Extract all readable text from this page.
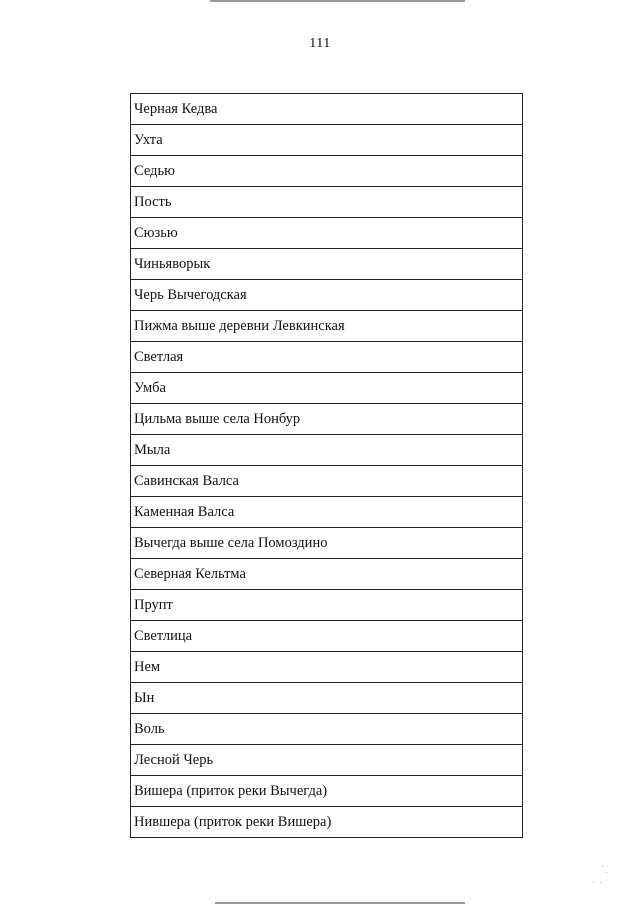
111
Черная Кедва
Ухта
Седью
Пость
Сюзью
Чиньяворык
Черь Вычегодская
Пижма выше деревни Левкинская
Светлая
Умба
Цильма выше села Нонбур
Мыла
Савинская Валса
Каменная Валса
Вычегда выше села Помоздино
Северная Кельтма
Прупт
Светлица
Нем
Ын
Воль
Лесной Черь
Вишера (приток реки Вычегда)
Нившера (приток реки Вишера)
